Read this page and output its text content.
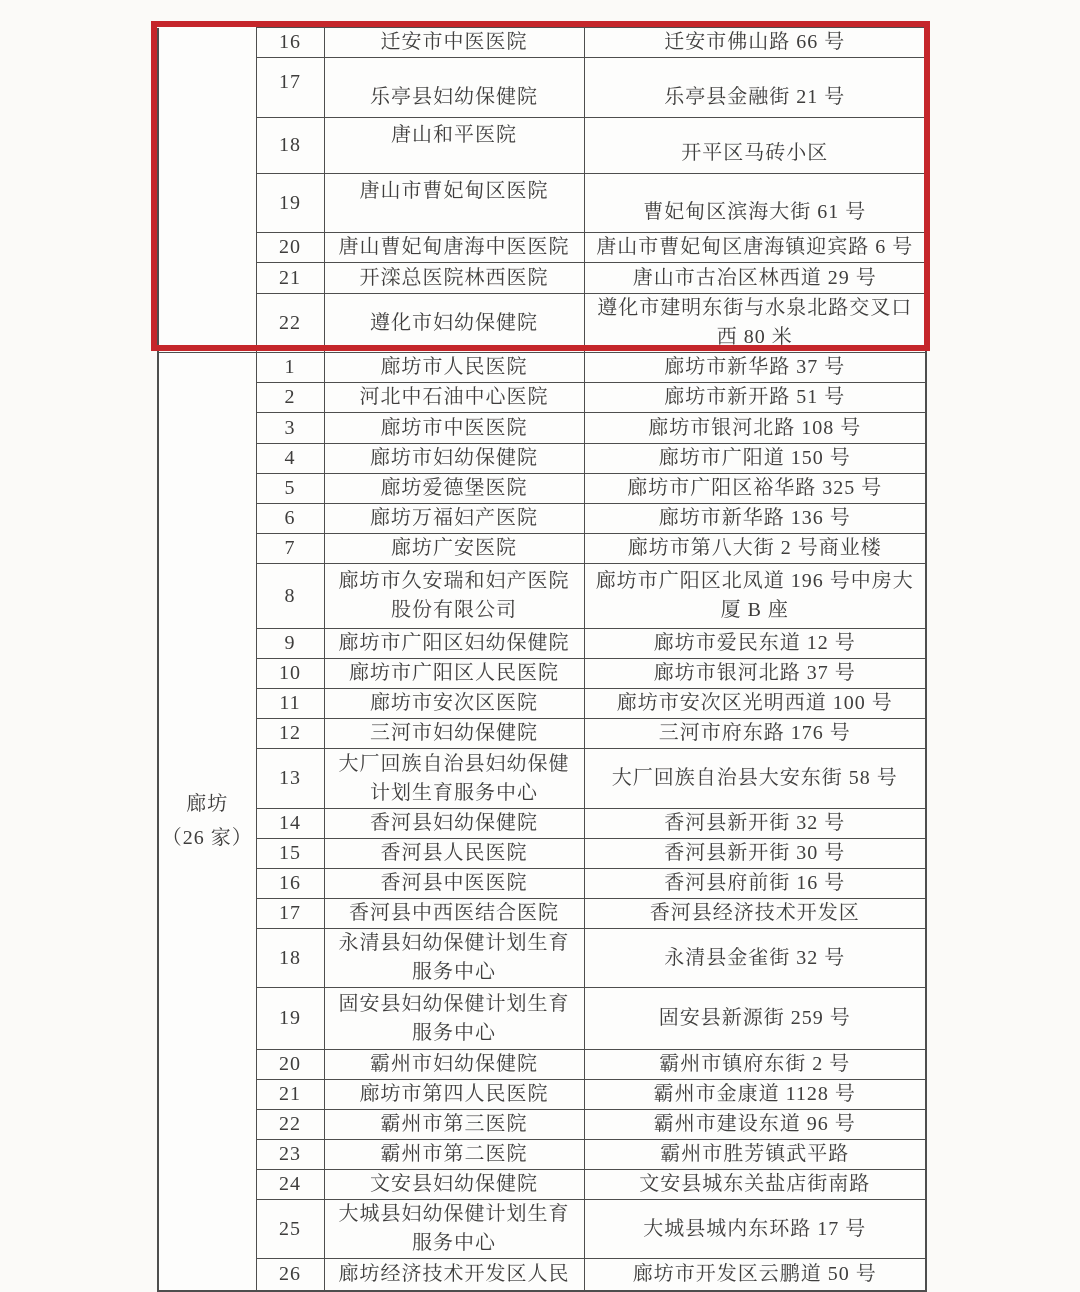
	16	迁安市中医医院	迁安市佛山路 66 号
	17	乐亭县妇幼保健院	乐亭县金融街 21 号
	18	唐山和平医院	开平区马砖小区
	19	唐山市曹妃甸区医院	曹妃甸区滨海大街 61 号
	20	唐山曹妃甸唐海中医医院	唐山市曹妃甸区唐海镇迎宾路 6 号
	21	开滦总医院林西医院	唐山市古冶区林西道 29 号
	22	遵化市妇幼保健院	遵化市建明东街与水泉北路交叉口西 80 米

廊坊
（26 家）	1	廊坊市人民医院	廊坊市新华路 37 号
	2	河北中石油中心医院	廊坊市新开路 51 号
	3	廊坊市中医医院	廊坊市银河北路 108 号
	4	廊坊市妇幼保健院	廊坊市广阳道 150 号
	5	廊坊爱德堡医院	廊坊市广阳区裕华路 325 号
	6	廊坊万福妇产医院	廊坊市新华路 136 号
	7	廊坊广安医院	廊坊市第八大街 2 号商业楼
	8	廊坊市久安瑞和妇产医院股份有限公司	廊坊市广阳区北凤道 196 号中房大厦 B 座
	9	廊坊市广阳区妇幼保健院	廊坊市爱民东道 12 号
	10	廊坊市广阳区人民医院	廊坊市银河北路 37 号
	11	廊坊市安次区医院	廊坊市安次区光明西道 100 号
	12	三河市妇幼保健院	三河市府东路 176 号
	13	大厂回族自治县妇幼保健计划生育服务中心	大厂回族自治县大安东街 58 号
	14	香河县妇幼保健院	香河县新开街 32 号
	15	香河县人民医院	香河县新开街 30 号
	16	香河县中医医院	香河县府前街 16 号
	17	香河县中西医结合医院	香河县经济技术开发区
	18	永清县妇幼保健计划生育服务中心	永清县金雀街 32 号
	19	固安县妇幼保健计划生育服务中心	固安县新源街 259 号
	20	霸州市妇幼保健院	霸州市镇府东街 2 号
	21	廊坊市第四人民医院	霸州市金康道 1128 号
	22	霸州市第三医院	霸州市建设东道 96 号
	23	霸州市第二医院	霸州市胜芳镇武平路
	24	文安县妇幼保健院	文安县城东关盐店街南路
	25	大城县妇幼保健计划生育服务中心	大城县城内东环路 17 号
	26	廊坊经济技术开发区人民	廊坊市开发区云鹏道 50 号
